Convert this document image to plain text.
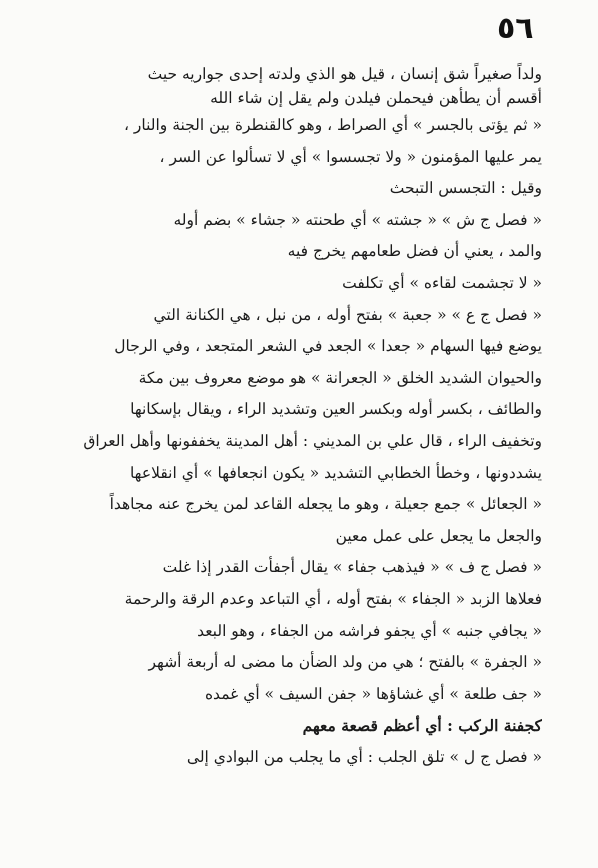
٥٦
ولداً صغيراً شق إنسان ، قيل هو الذي ولدته إحدى جواريه حيث
أقسم أن يطأهن فيحملن فيلدن ولم يقل إن شاء الله
« ثم يؤتى بالجسر » أي الصراط ، وهو كالقنطرة بين الجنة والنار ،
يمر عليها المؤمنون « ولا تجسسوا » أي لا تسألوا عن السر ،
وقيل : التجسس التبحث
« فصل ج ش » « جشته » أي طحنته « جشاء » بضم أوله
والمد ، يعني أن فضل طعامهم يخرج فيه
« لا تجشمت لقاءه » أي تكلفت
« فصل ج ع » « جعبة » بفتح أوله ، من نبل ، هي الكنانة التي
يوضع فيها السهام « جعدا » الجعد في الشعر المتجعد ، وفي الرجال
والحيوان الشديد الخلق « الجعرانة » هو موضع معروف بين مكة
والطائف ، بكسر أوله وبكسر العين وتشديد الراء ، ويقال بإسكانها
وتخفيف الراء ، قال علي بن المديني : أهل المدينة يخففونها وأهل العراق
يشددونها ، وخطأ الخطابي التشديد « يكون انجعافها » أي انقلاعها
« الجعائل » جمع جعيلة ، وهو ما يجعله القاعد لمن يخرج عنه مجاهداً
والجعل ما يجعل على عمل معين
« فصل ج ف » « فيذهب جفاء » يقال أجفأت القدر إذا غلت
فعلاها الزبد « الجفاء » بفتح أوله ، أي التباعد وعدم الرقة والرحمة
« يجافي جنبه » أي يجفو فراشه من الجفاء ، وهو البعد
« الجفرة » بالفتح ؛ هي من ولد الضأن ما مضى له أربعة أشهر
« جف طلعة » أي غشاؤها « جفن السيف » أي غمده
كجفنة الركب : أي أعظم قصعة معهم
« فصل ج ل » تلق الجلب : أي ما يجلب من البوادي إلى
